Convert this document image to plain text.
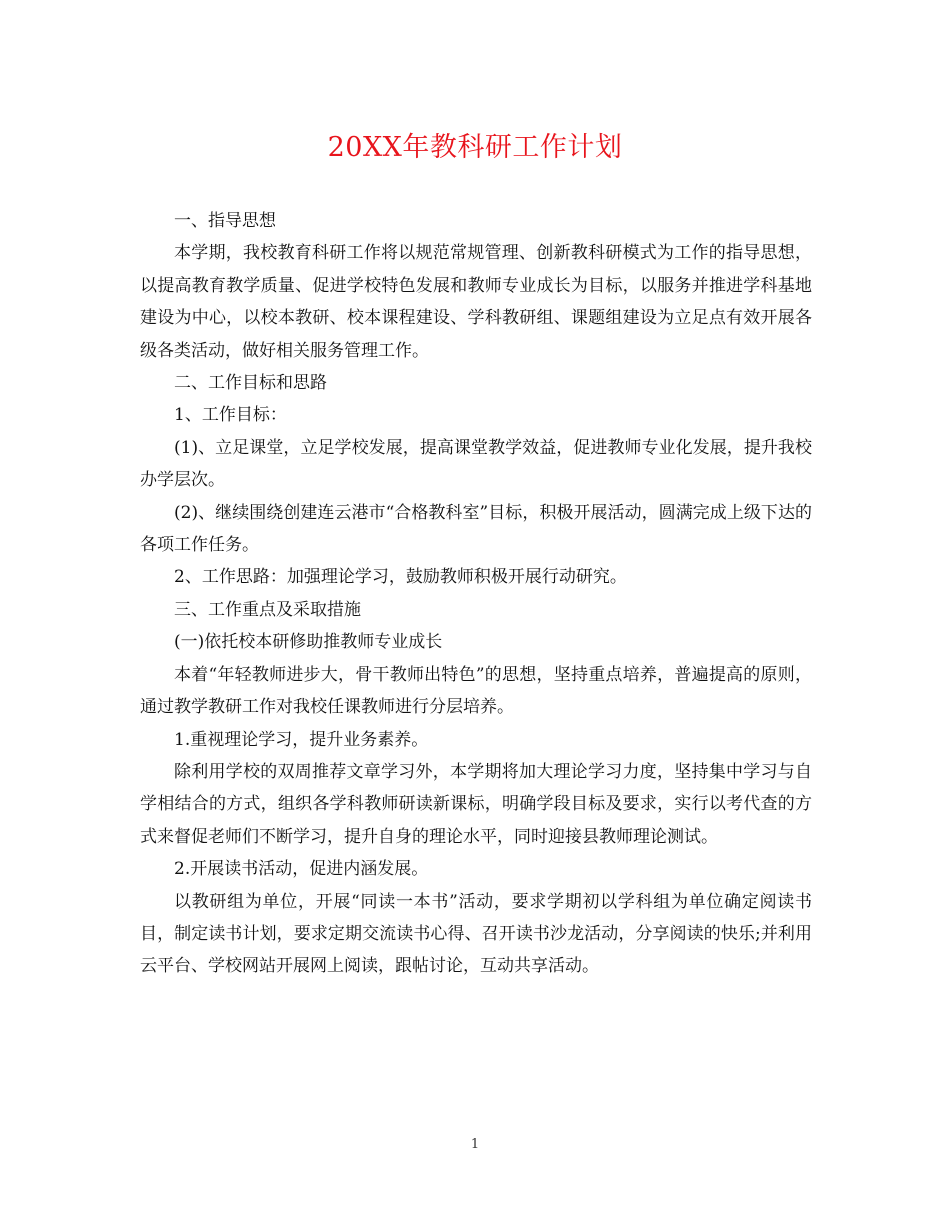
20XX年教科研工作计划

一、指导思想

本学期，我校教育科研工作将以规范常规管理、创新教科研模式为工作的指导思想，以提高教育教学质量、促进学校特色发展和教师专业成长为目标，以服务并推进学科基地建设为中心，以校本教研、校本课程建设、学科教研组、课题组建设为立足点有效开展各级各类活动，做好相关服务管理工作。

二、工作目标和思路

1、工作目标：

(1)、立足课堂，立足学校发展，提高课堂教学效益，促进教师专业化发展，提升我校办学层次。

(2)、继续围绕创建连云港市“合格教科室”目标，积极开展活动，圆满完成上级下达的各项工作任务。

2、工作思路：加强理论学习，鼓励教师积极开展行动研究。

三、工作重点及采取措施

(一)依托校本研修助推教师专业成长

本着“年轻教师进步大，骨干教师出特色”的思想，坚持重点培养，普遍提高的原则，通过教学教研工作对我校任课教师进行分层培养。

1.重视理论学习，提升业务素养。

除利用学校的双周推荐文章学习外，本学期将加大理论学习力度，坚持集中学习与自学相结合的方式，组织各学科教师研读新课标，明确学段目标及要求，实行以考代查的方式来督促老师们不断学习，提升自身的理论水平，同时迎接县教师理论测试。

2.开展读书活动，促进内涵发展。

以教研组为单位，开展“同读一本书”活动，要求学期初以学科组为单位确定阅读书目，制定读书计划，要求定期交流读书心得、召开读书沙龙活动，分享阅读的快乐;并利用云平台、学校网站开展网上阅读，跟帖讨论，互动共享活动。

1
